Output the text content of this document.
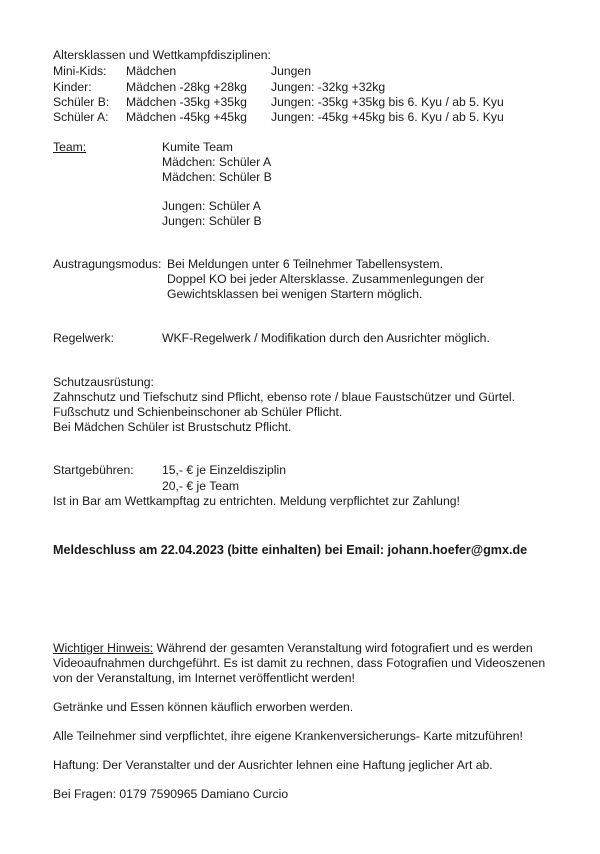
Altersklassen und Wettkampfdisziplinen:
Mini-Kids: Mädchen	Jungen
Kinder:	Mädchen -28kg +28kg Jungen: -32kg +32kg
Schüler B: Mädchen -35kg +35kg Jungen: -35kg +35kg bis 6. Kyu / ab 5. Kyu
Schüler A: Mädchen -45kg +45kg Jungen: -45kg +45kg bis 6. Kyu / ab 5. Kyu
Team:	Kumite Team
Mädchen: Schüler A
Mädchen: Schüler B
Jungen: Schüler A
Jungen: Schüler B
Austragungsmodus: Bei Meldungen unter 6 Teilnehmer Tabellensystem.
Doppel KO bei jeder Altersklasse. Zusammenlegungen der
Gewichtsklassen bei wenigen Startern möglich.
Regelwerk:	WKF-Regelwerk / Modifikation durch den Ausrichter möglich.
Schutzausrüstung:
Zahnschutz und Tiefschutz sind Pflicht, ebenso rote / blaue Faustschützer und Gürtel.
Fußschutz und Schienbeinschoner ab Schüler Pflicht.
Bei Mädchen Schüler ist Brustschutz Pflicht.
Startgebühren: 15,- € je Einzeldisziplin
20,- € je Team
Ist in Bar am Wettkampftag zu entrichten. Meldung verpflichtet zur Zahlung!
Meldeschluss am 22.04.2023 (bitte einhalten) bei Email: johann.hoefer@gmx.de
Wichtiger Hinweis: Während der gesamten Veranstaltung wird fotografiert und es werden
Videoaufnahmen durchgeführt. Es ist damit zu rechnen, dass Fotografien und Videoszenen
von der Veranstaltung, im Internet veröffentlicht werden!
Getränke und Essen können käuflich erworben werden.
Alle Teilnehmer sind verpflichtet, ihre eigene Krankenversicherungs- Karte mitzuführen!
Haftung: Der Veranstalter und der Ausrichter lehnen eine Haftung jeglicher Art ab.
Bei Fragen: 0179 7590965 Damiano Curcio
